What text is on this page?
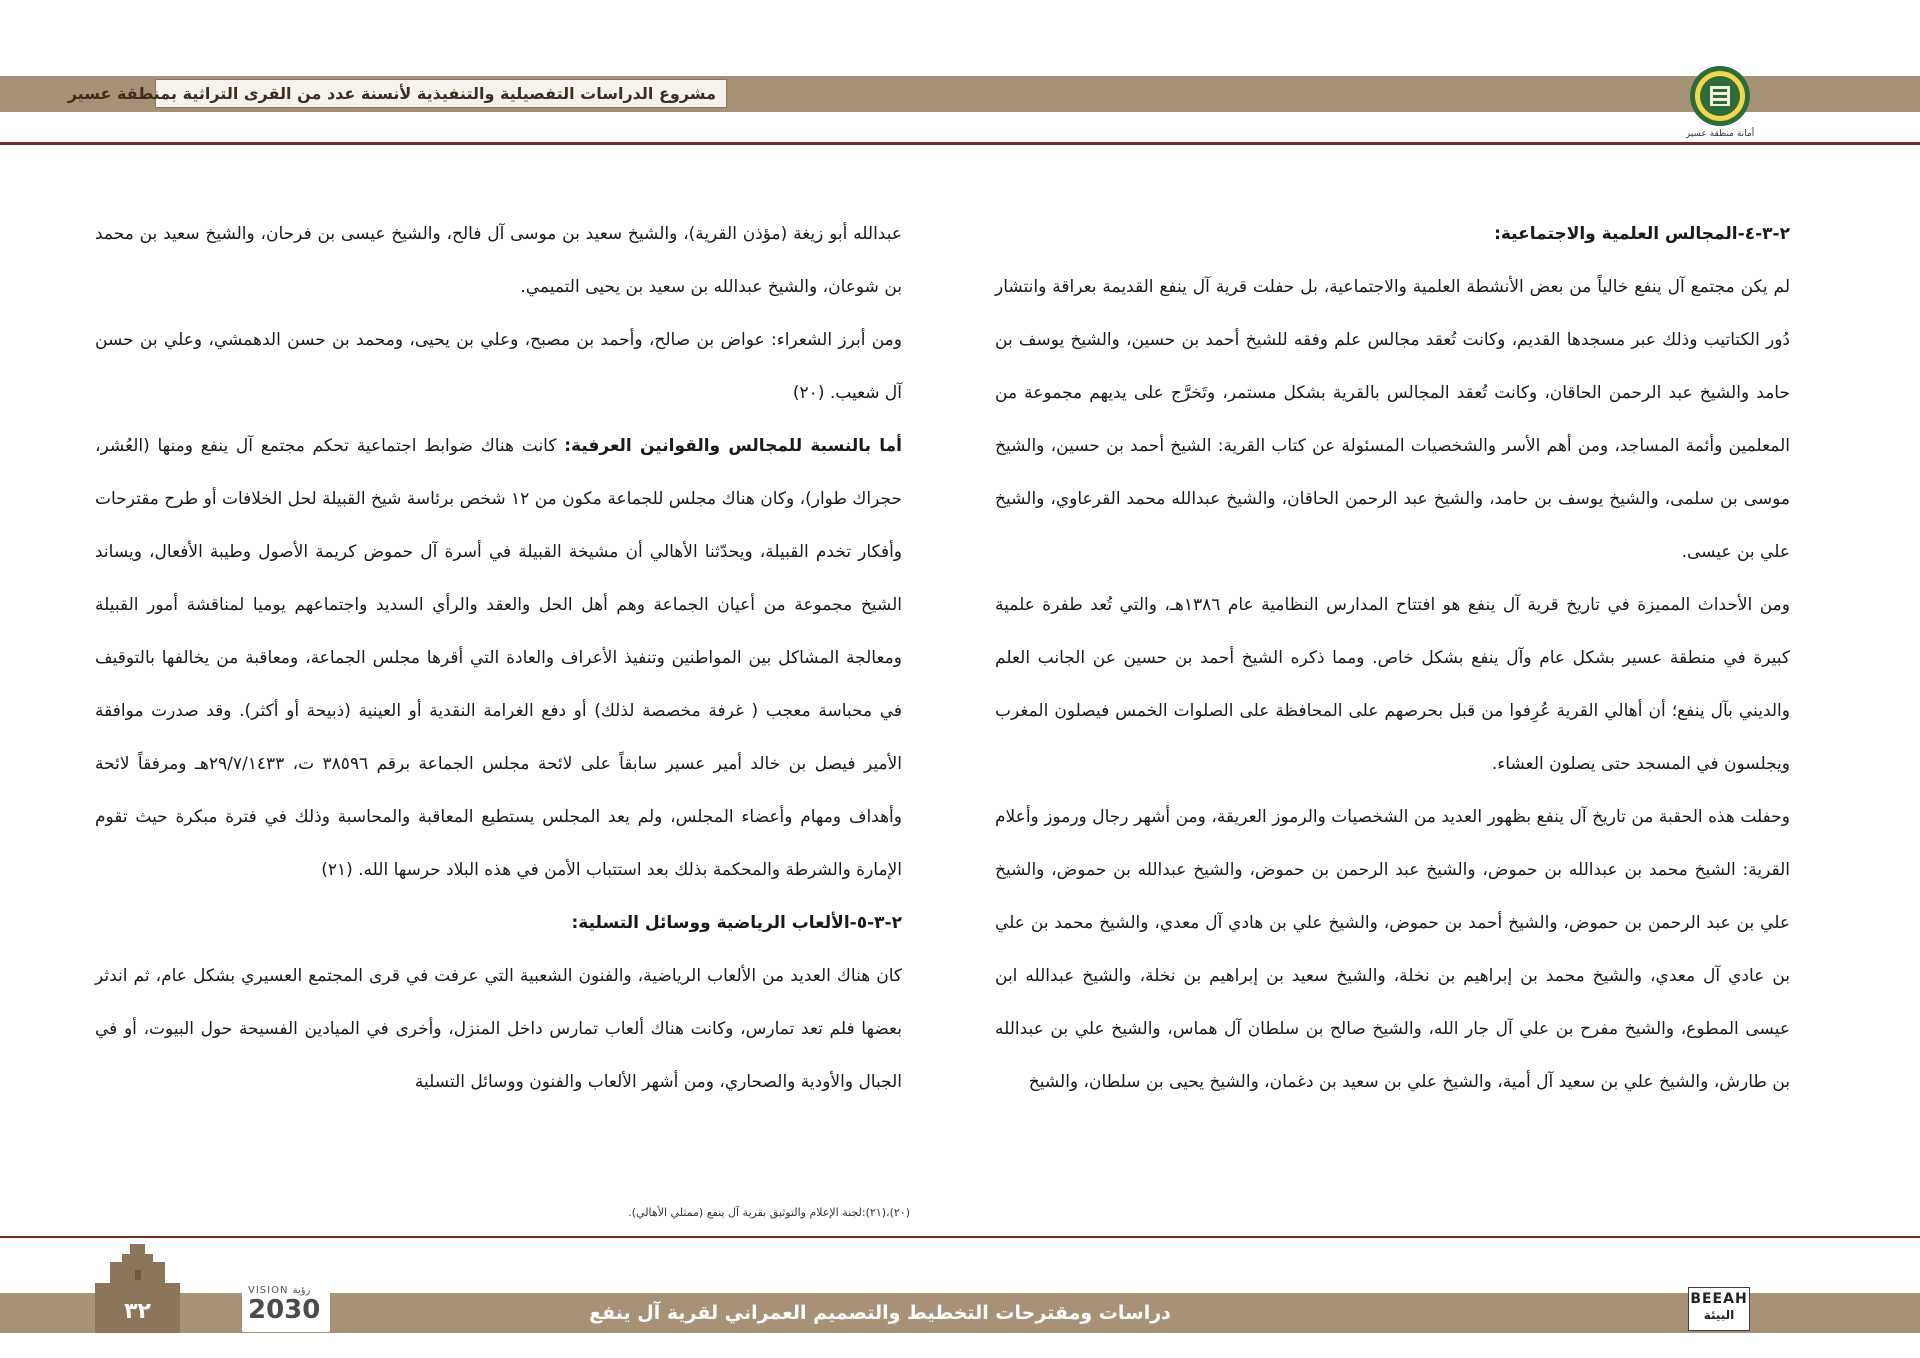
مشروع الدراسات التفصيلية والتنفيذية لأنسنة عدد من القرى التراثية بمنطقة عسير
أمانة منطقة عسير
٢-٣-٤-المجالس العلمية والاجتماعية:

لم يكن مجتمع آل ينفع خالياً من بعض الأنشطة العلمية والاجتماعية، بل حفلت قرية آل ينفع القديمة بعراقة وانتشار دُور الكتاتيب وذلك عبر مسجدها القديم، وكانت تُعقد مجالس علم وفقه للشيخ أحمد بن حسين، والشيخ يوسف بن حامد والشيخ عبد الرحمن الحاقان، وكانت تُعقد المجالس بالقرية بشكل مستمر، وتَخرَّج على يديهم مجموعة من المعلمين وأئمة المساجد، ومن أهم الأسر والشخصيات المسئولة عن كتاب القرية: الشيخ أحمد بن حسين، والشيخ موسى بن سلمى، والشيخ يوسف بن حامد، والشيخ عبد الرحمن الحاقان، والشيخ عبدالله محمد القرعاوي، والشيخ علي بن عيسى.

ومن الأحداث المميزة في تاريخ قرية آل ينفع هو افتتاح المدارس النظامية عام ١٣٨٦هـ، والتي تُعد طفرة علمية كبيرة في منطقة عسير بشكل عام وآل ينفع بشكل خاص. ومما ذكره الشيخ أحمد بن حسين عن الجانب العلم والديني بآل ينفع؛ أن أهالي القرية عُرِفوا من قبل بحرصهم على المحافظة على الصلوات الخمس فيصلون المغرب ويجلسون في المسجد حتى يصلون العشاء.

وحفلت هذه الحقبة من تاريخ آل ينفع بظهور العديد من الشخصيات والرموز العريقة، ومن أشهر رجال ورموز وأعلام القرية: الشيخ محمد بن عبدالله بن حموض، والشيخ عبد الرحمن بن حموض، والشيخ عبدالله بن حموض، والشيخ علي بن عبد الرحمن بن حموض، والشيخ أحمد بن حموض، والشيخ علي بن هادي آل معدي، والشيخ محمد بن علي بن عادي آل معدي، والشيخ محمد بن إبراهيم بن نخلة، والشيخ سعيد بن إبراهيم بن نخلة، والشيخ عبدالله ابن عيسى المطوع، والشيخ مفرح بن علي آل جار الله، والشيخ صالح بن سلطان آل هماس، والشيخ علي بن عبدالله بن طارش، والشيخ علي بن سعيد آل أمية، والشيخ علي بن سعيد بن دغمان، والشيخ يحيى بن سلطان، والشيخ

عبدالله أبو زيغة (مؤذن القرية)، والشيخ سعيد بن موسى آل فالح، والشيخ عيسى بن فرحان، والشيخ سعيد بن محمد بن شوعان، والشيخ عبدالله بن سعيد بن يحيى التميمي.

ومن أبرز الشعراء: عواض بن صالح، وأحمد بن مصبح، وعلي بن يحيى، ومحمد بن حسن الدهمشي، وعلي بن حسن آل شعيب. (٢٠)

أما بالنسبة للمجالس والقوانين العرفية: كانت هناك ضوابط اجتماعية تحكم مجتمع آل ينفع ومنها (العُشر، حجراك طوار)، وكان هناك مجلس للجماعة مكون من ١٢ شخص برئاسة شيخ القبيلة لحل الخلافات أو طرح مقترحات وأفكار تخدم القبيلة، ويحدّثنا الأهالي أن مشيخة القبيلة في أسرة آل حموض كريمة الأصول وطيبة الأفعال، ويساند الشيخ مجموعة من أعيان الجماعة وهم أهل الحل والعقد والرأي السديد واجتماعهم يوميا لمناقشة أمور القبيلة ومعالجة المشاكل بين المواطنين وتنفيذ الأعراف والعادة التي أقرها مجلس الجماعة، ومعاقبة من يخالفها بالتوقيف في محباسة معجب ( غرفة مخصصة لذلك) أو دفع الغرامة النقدية أو العينية (ذبيحة أو أكثر). وقد صدرت موافقة الأمير فيصل بن خالد أمير عسير سابقاً على لائحة مجلس الجماعة برقم ٣٨٥٩٦ ت، ٢٩/٧/١٤٣٣هـ ومرفقاً لائحة وأهداف ومهام وأعضاء المجلس، ولم يعد المجلس يستطيع المعاقبة والمحاسبة وذلك في فترة مبكرة حيث تقوم الإمارة والشرطة والمحكمة بذلك بعد استتباب الأمن في هذه البلاد حرسها الله. (٢١)

٢-٣-٥-الألعاب الرياضية ووسائل التسلية:

كان هناك العديد من الألعاب الرياضية، والفنون الشعبية التي عرفت في قرى المجتمع العسيري بشكل عام، ثم اندثر بعضها فلم تعد تمارس، وكانت هناك ألعاب تمارس داخل المنزل، وأخرى في الميادين الفسيحة حول البيوت، أو في الجبال والأودية والصحاري، ومن أشهر الألعاب والفنون ووسائل التسلية

(٢٠)،(٢١):لجنة الإعلام والتوثيق بقرية آل ينفع (ممثلي الأهالي).
٣٢
VISION رؤية
2030	دراسات ومقترحات التخطيط والتصميم العمراني لقرية آل ينفع
BEEAH
البيئة
